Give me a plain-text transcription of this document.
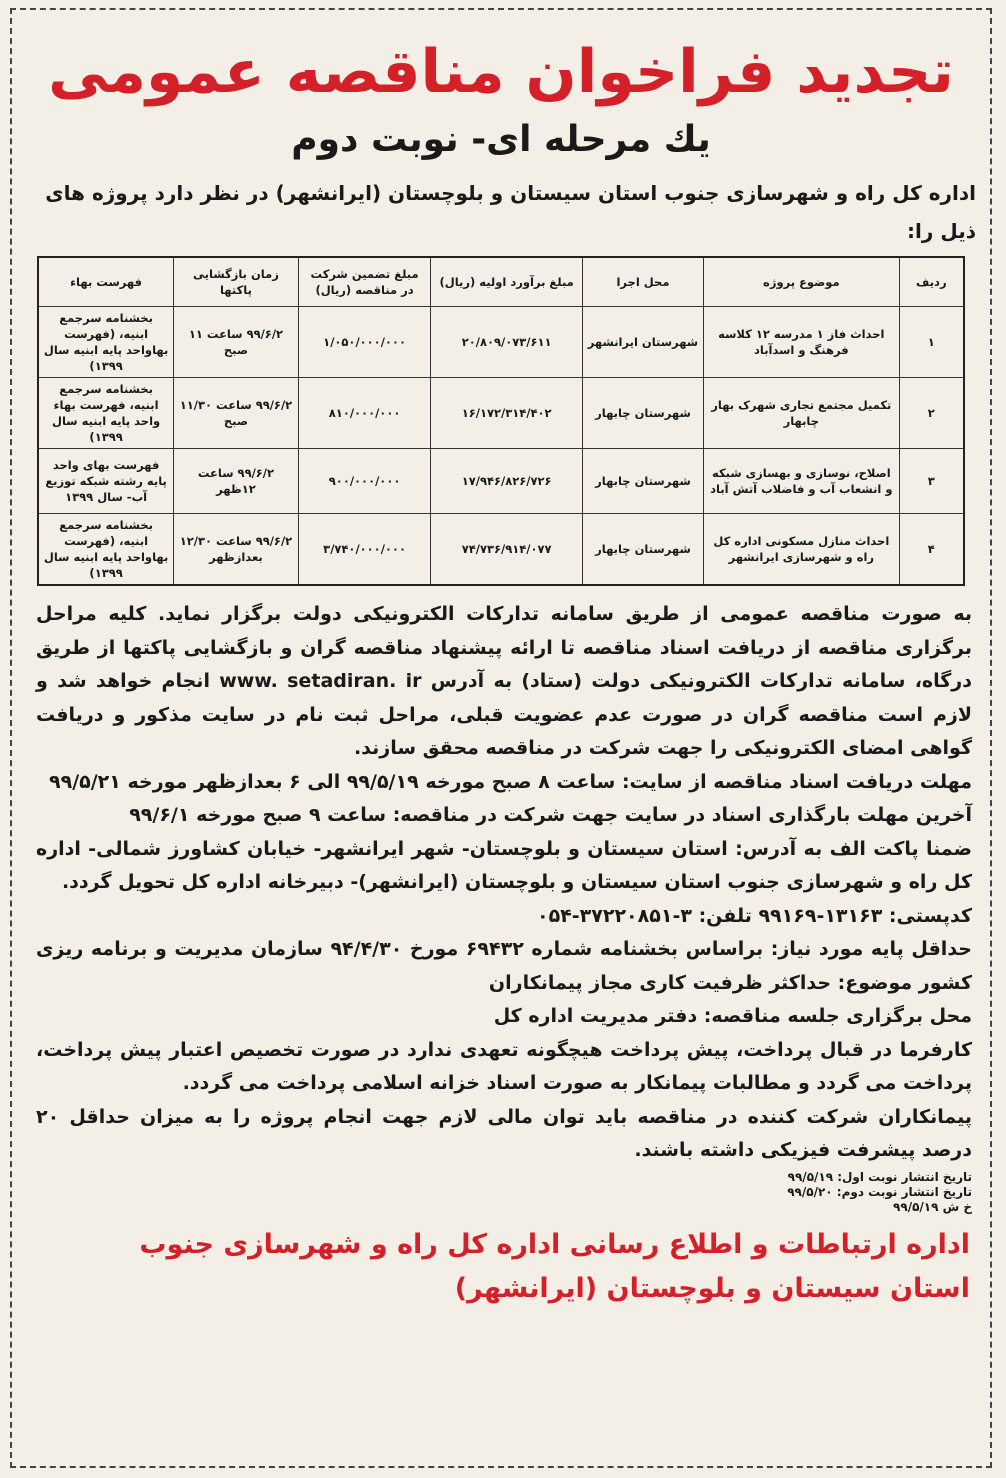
تجدید فراخوان مناقصه عمومی
یك مرحله ای- نوبت دوم
اداره کل راه و شهرسازی جنوب استان سیستان و بلوچستان (ایرانشهر) در نظر دارد پروژه های ذیل را:
ردیف	موضوع پروژه	محل اجرا	مبلغ برآورد اولیه (ریال)	مبلغ تضمین شرکت در مناقصه (ریال)	زمان بازگشایی پاکتها	فهرست بهاء
۱	احداث فاز ۱ مدرسه ۱۲ کلاسه فرهنگ و اسدآباد	شهرستان ایرانشهر	۲۰/۸۰۹/۰۷۳/۶۱۱	۱/۰۵۰/۰۰۰/۰۰۰	۹۹/۶/۲ ساعت ۱۱ صبح	بخشنامه سرجمع ابنیه، (فهرست بهاواحد پایه ابنیه سال ۱۳۹۹)
۲	تکمیل مجتمع تجاری شهرک بهار چابهار	شهرستان چابهار	۱۶/۱۷۲/۳۱۴/۴۰۲	۸۱۰/۰۰۰/۰۰۰	۹۹/۶/۲ ساعت ۱۱/۳۰ صبح	بخشنامه سرجمع ابنیه، فهرست بهاء واحد پایه ابنیه سال ۱۳۹۹)
۳	اصلاح، نوسازی و بهسازی شبکه و انشعاب آب و فاضلاب آتش آباد	شهرستان چابهار	۱۷/۹۴۶/۸۲۶/۷۲۶	۹۰۰/۰۰۰/۰۰۰	۹۹/۶/۲ ساعت ۱۲ظهر	فهرست بهای واحد پایه رشته شبکه توزیع آب- سال ۱۳۹۹
۴	احداث منازل مسکونی اداره کل راه و شهرسازی ایرانشهر	شهرستان چابهار	۷۴/۷۳۶/۹۱۴/۰۷۷	۳/۷۴۰/۰۰۰/۰۰۰	۹۹/۶/۲ ساعت ۱۲/۳۰ بعدازظهر	بخشنامه سرجمع ابنیه، (فهرست بهاواحد پایه ابنیه سال ۱۳۹۹)

به صورت مناقصه عمومی از طریق سامانه تدارکات الکترونیکی دولت برگزار نماید. کلیه مراحل برگزاری مناقصه از دریافت اسناد مناقصه تا ارائه پیشنهاد مناقصه گران و بازگشایی پاکتها از طریق درگاه، سامانه تدارکات الکترونیکی دولت (ستاد) به آدرس www. setadiran. ir انجام خواهد شد و لازم است مناقصه گران در صورت عدم عضویت قبلی، مراحل ثبت نام در سایت مذکور و دریافت گواهی امضای الکترونیکی را جهت شرکت در مناقصه محقق سازند.

مهلت دریافت اسناد مناقصه از سایت: ساعت ۸ صبح مورخه ۹۹/۵/۱۹ الی ۶ بعدازظهر مورخه ۹۹/۵/۲۱

آخرین مهلت بارگذاری اسناد در سایت جهت شرکت در مناقصه: ساعت ۹ صبح مورخه ۹۹/۶/۱

ضمنا پاکت الف به آدرس: استان سیستان و بلوچستان- شهر ایرانشهر- خیابان کشاورز شمالی- اداره کل راه و شهرسازی جنوب استان سیستان و بلوچستان (ایرانشهر)- دبیرخانه اداره کل تحویل گردد.

کدپستی: ۱۳۱۶۳-۹۹۱۶۹ تلفن: ۳-۳۷۲۲۰۸۵۱-۰۵۴

حداقل پایه مورد نیاز: براساس بخشنامه شماره ۶۹۴۳۲ مورخ ۹۴/۴/۳۰ سازمان مدیریت و برنامه ریزی کشور موضوع: حداکثر ظرفیت کاری مجاز پیمانکاران

محل برگزاری جلسه مناقصه: دفتر مدیریت اداره کل

کارفرما در قبال پرداخت، پیش پرداخت هیچگونه تعهدی ندارد در صورت تخصیص اعتبار پیش پرداخت، پرداخت می گردد و مطالبات پیمانکار به صورت اسناد خزانه اسلامی پرداخت می گردد.

پیمانکاران شرکت کننده در مناقصه باید توان مالی لازم جهت انجام پروژه را به میزان حداقل ۲۰ درصد پیشرفت فیزیکی داشته باشند.

تاریخ انتشار نوبت اول: ۹۹/۵/۱۹
تاریخ انتشار نوبت دوم: ۹۹/۵/۲۰
خ ش ۹۹/۵/۱۹
اداره ارتباطات و اطلاع رسانی اداره کل راه و شهرسازی جنوب
استان سیستان و بلوچستان (ایرانشهر)
